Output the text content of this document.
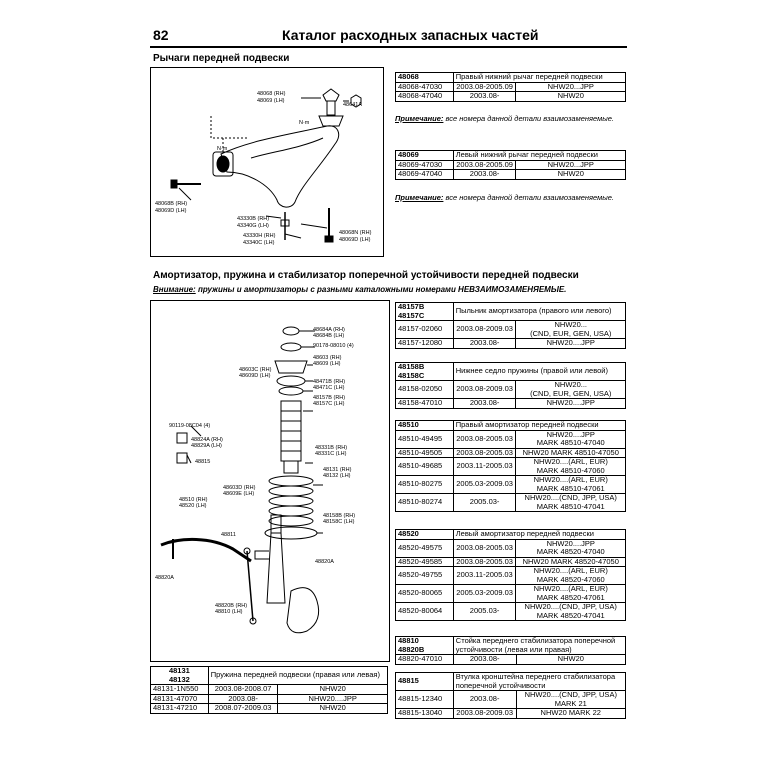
82	Каталог расходных запасных частей
Рычаги передней подвески
48068 (RH)
48069 (LH)
48641A
N·m
N·m
48068B (RH)
48069D (LH)
43330B (RH)
43340G (LH)
43330H (RH)
43340C (LH)
48068N (RH)
48069D (LH)
48068	Правый нижний рычаг передней подвески	
48068-47030	2003.08-2005.09	NHW20...JPP
48068-47040	2003.08-	NHW20
Примечание: все номера данной детали взаимозаменяемые.
48069	Левый нижний рычаг передней подвески	
48069-47030	2003.08-2005.09	NHW20...JPP
48069-47040	2003.08-	NHW20
Примечание: все номера данной детали взаимозаменяемые.
Амортизатор, пружина и стабилизатор поперечной устойчивости передней подвески
Внимание: пружины и амортизаторы с разными каталожными номерами НЕВЗАИМОЗАМЕНЯЕМЫЕ.
48684A (RH)
48684B (LH)
90178-08010 (4)
48603 (RH)
48609 (LH)
48603C (RH)
48609D (LH)
48471B (RH)
48471C (LH)
48157B (RH)
48157C (LH)
90119-08C04 (4)
48824A (RH)
48829A (LH)	48331B (RH)
48331C (LH)
48815
48131 (RH)
48132 (LH)
48603D (RH)
48609E (LH)
48510 (RH)
48520 (LH)
48158B (RH)
48158C (LH)
48811
48820A
48820A
48820B (RH)
48810 (LH)
48131
48132	Пружина передней подвески (правая или левая)	
48131-1N550	2003.08-2008.07	NHW20
48131-47070	2003.08-	NHW20....JPP
48131-47210	2008.07-2009.03	NHW20
48157B
48157C	Пыльник амортизатора (правого или левого)	
48157-02060	2003.08-2009.03	NHW20...
(CND, EUR, GEN, USA)
48157-12080	2003.08-	NHW20....JPP
48158B
48158C	Нижнее седло пружины (правой или левой)	
48158-02050	2003.08-2009.03	NHW20...
(CND, EUR, GEN, USA)
48158-47010	2003.08-	NHW20....JPP
48510	Правый амортизатор передней подвески	
48510-49495	2003.08-2005.03	NHW20....JPP
MARK 48510-47040
48510-49505	2003.08-2005.03	NHW20 MARK 48510-47050
48510-49685	2003.11-2005.03	NHW20....(ARL, EUR)
MARK 48510-47060
48510-80275	2005.03-2009.03	NHW20....(ARL, EUR)
MARK 48510-47061
48510-80274	2005.03-	NHW20....(CND, JPP, USA)
MARK 48510-47041
48520	Левый амортизатор передней подвески	
48520-49575	2003.08-2005.03	NHW20....JPP
MARK 48520-47040
48520-49585	2003.08-2005.03	NHW20 MARK 48520-47050
48520-49755	2003.11-2005.03	NHW20....(ARL, EUR)
MARK 48520-47060
48520-80065	2005.03-2009.03	NHW20....(ARL, EUR)
MARK 48520-47061
48520-80064	2005.03-	NHW20....(CND, JPP, USA)
MARK 48520-47041
48810
48820B	Стойка переднего стабилизатора поперечной устойчивости (левая или правая)	
48820-47010	2003.08-	NHW20
48815	Втулка кронштейна переднего стабилизатора поперечной устойчивости	
48815-12340	2003.08-	NHW20....(CND, JPP, USA)
MARK 21
48815-13040	2003.08-2009.03	NHW20 MARK 22
